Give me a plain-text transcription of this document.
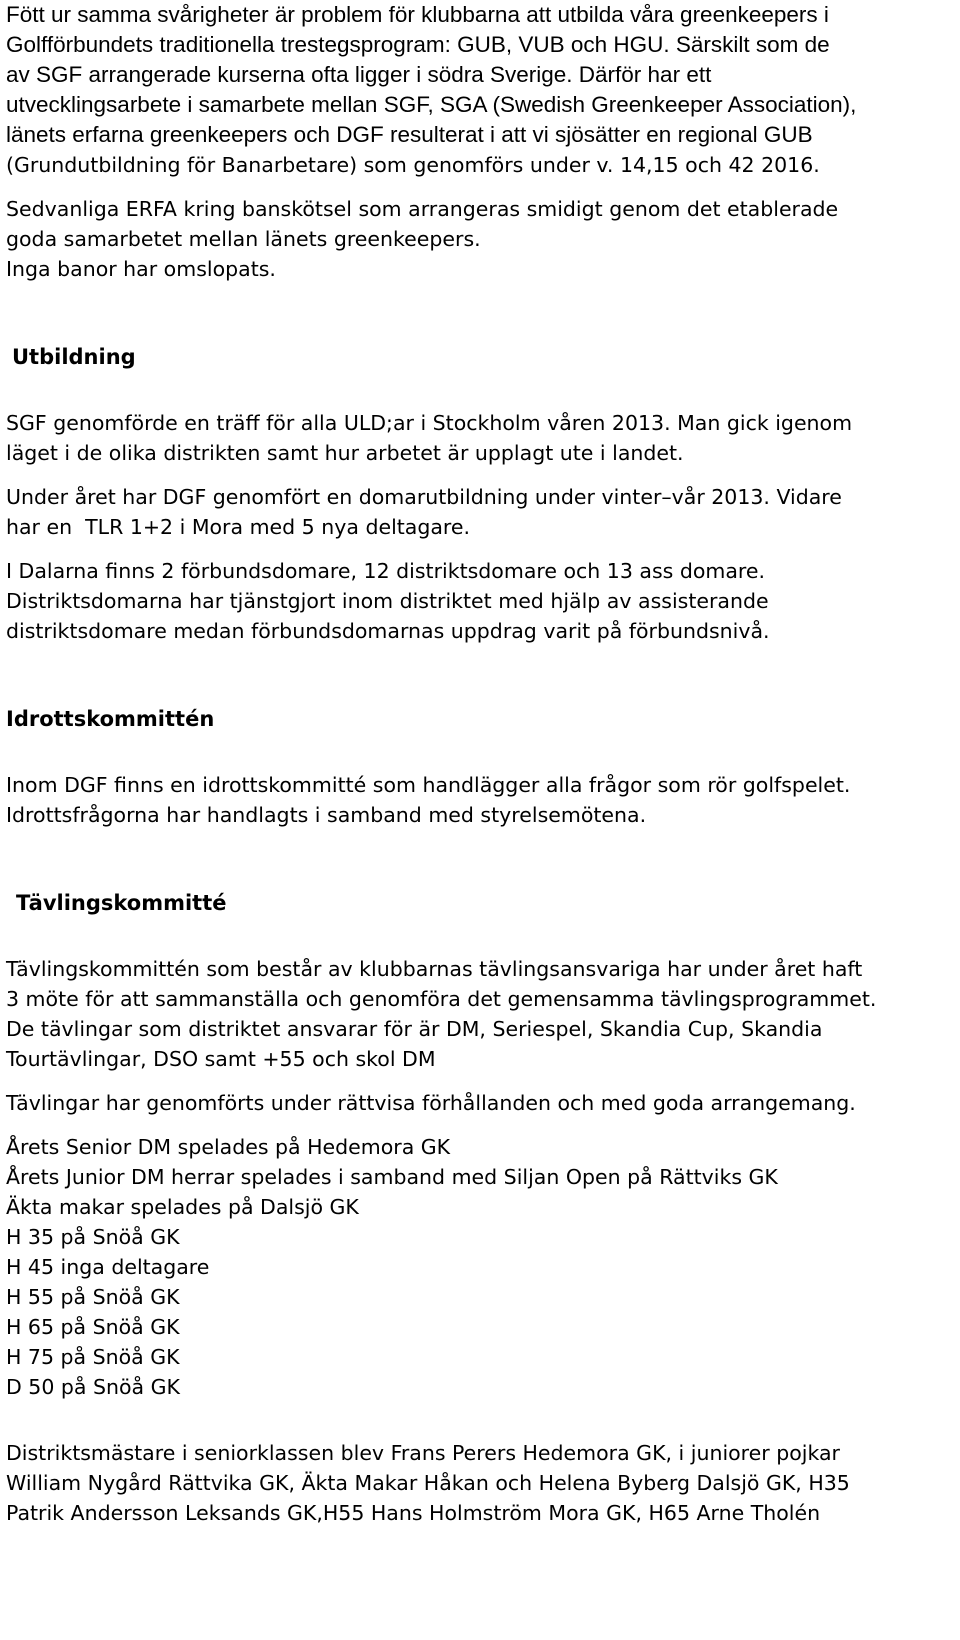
Fött ur samma svårigheter är problem för klubbarna att utbilda våra greenkeepers i
Golfförbundets traditionella trestegsprogram: GUB, VUB och HGU. Särskilt som de
av SGF arrangerade kurserna ofta ligger i södra Sverige. Därför har ett
utvecklingsarbete i samarbete mellan SGF, SGA (Swedish Greenkeeper Association),
länets erfarna greenkeepers och DGF resulterat i att vi sjösätter en regional GUB
(Grundutbildning för Banarbetare) som genomförs under v. 14,15 och 42 2016.
Sedvanliga ERFA kring banskötsel som arrangeras smidigt genom det etablerade
goda samarbetet mellan länets greenkeepers.
Inga banor har omslopats.
Utbildning
SGF genomförde en träff för alla ULD;ar i Stockholm våren 2013. Man gick igenom
läget i de olika distrikten samt hur arbetet är upplagt ute i landet.
Under året har DGF genomfört en domarutbildning under vinter–vår 2013. Vidare
har en  TLR 1+2 i Mora med 5 nya deltagare.
I Dalarna finns 2 förbundsdomare, 12 distriktsdomare och 13 ass domare.
Distriktsdomarna har tjänstgjort inom distriktet med hjälp av assisterande
distriktsdomare medan förbundsdomarnas uppdrag varit på förbundsnivå.
Idrottskommittén
Inom DGF finns en idrottskommitté som handlägger alla frågor som rör golfspelet.
Idrottsfrågorna har handlagts i samband med styrelsemötena.
Tävlingskommitté
Tävlingskommittén som består av klubbarnas tävlingsansvariga har under året haft
3 möte för att sammanställa och genomföra det gemensamma tävlingsprogrammet.
De tävlingar som distriktet ansvarar för är DM, Seriespel, Skandia Cup, Skandia
Tourtävlingar, DSO samt +55 och skol DM
Tävlingar har genomförts under rättvisa förhållanden och med goda arrangemang.
Årets Senior DM spelades på Hedemora GK
Årets Junior DM herrar spelades i samband med Siljan Open på Rättviks GK
Äkta makar spelades på Dalsjö GK
H 35 på Snöå GK
H 45 inga deltagare
H 55 på Snöå GK
H 65 på Snöå GK
H 75 på Snöå GK
D 50 på Snöå GK
Distriktsmästare i seniorklassen blev Frans Perers Hedemora GK, i juniorer pojkar
William Nygård Rättvika GK, Äkta Makar Håkan och Helena Byberg Dalsjö GK, H35
Patrik Andersson Leksands GK,H55 Hans Holmström Mora GK, H65 Arne Tholén
